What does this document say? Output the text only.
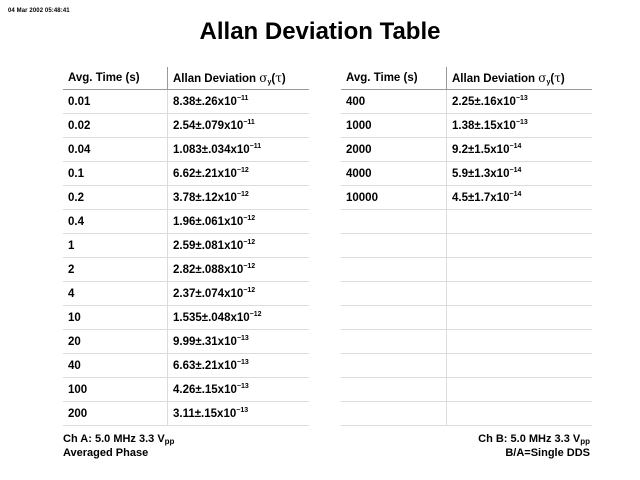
04 Mar 2002 05:48:41
Allan Deviation Table
Avg. Time (s)	Allan Deviation $\sigma_y(\tau)$
0.01	$8.38\pm.26x10^{-11}$
0.02	$2.54\pm.079x10^{-11}$
0.04	$1.083\pm.034x10^{-11}$
0.1	$6.62\pm.21x10^{-12}$
0.2	$3.78\pm.12x10^{-12}$
0.4	$1.96\pm.061x10^{-12}$
1	$2.59\pm.081x10^{-12}$
2	$2.82\pm.088x10^{-12}$
4	$2.37\pm.074x10^{-12}$
10	$1.535\pm.048x10^{-12}$
20	$9.99\pm.31x10^{-13}$
40	$6.63\pm.21x10^{-13}$
100	$4.26\pm.15x10^{-13}$
200	$3.11\pm.15x10^{-13}$
Avg. Time (s)	Allan Deviation $\sigma_y(\tau)$
400	$2.25\pm.16x10^{-13}$
1000	$1.38\pm.15x10^{-13}$
2000	$9.2\pm 1.5x10^{-14}$
4000	$5.9\pm 1.3x10^{-14}$
10000	$4.5\pm 1.7x10^{-14}$

Ch A: 5.0 MHz 3.3 $V_{pp}$
Averaged Phase
Ch B: 5.0 MHz 3.3 $V_{pp}$
B/A=Single DDS
